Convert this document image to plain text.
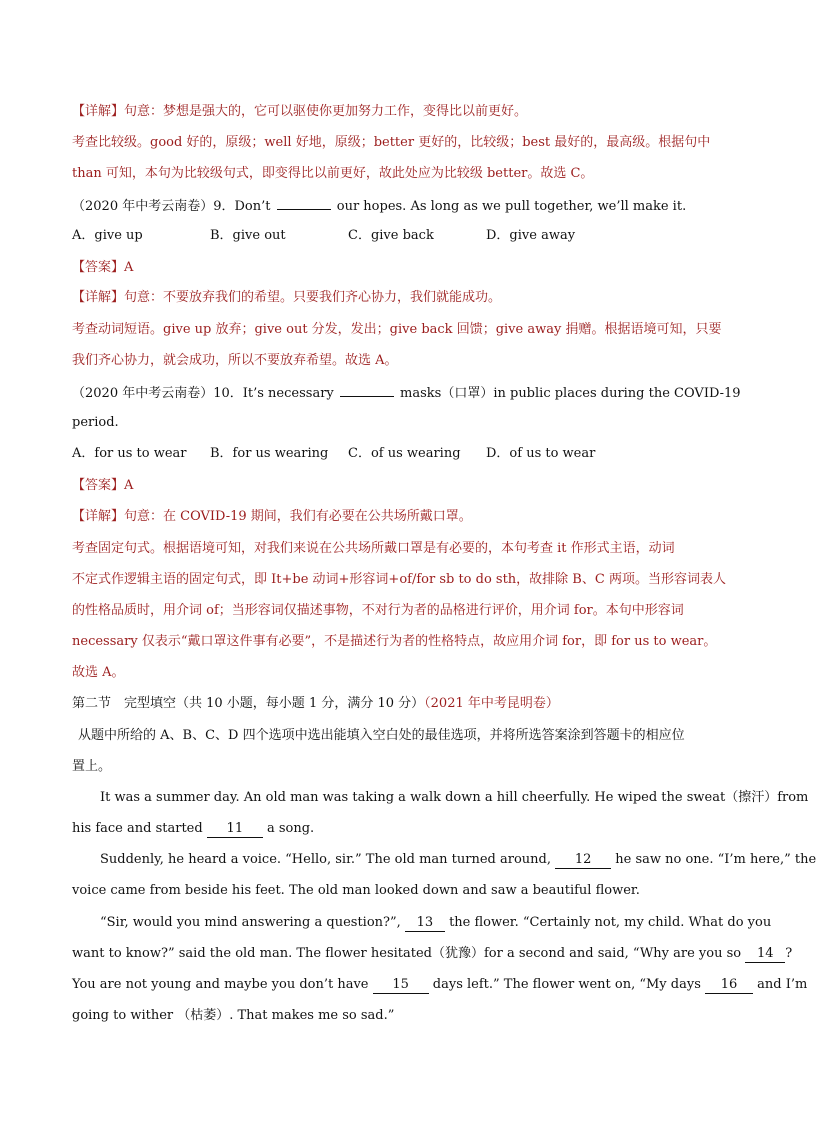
【详解】句意：梦想是强大的，它可以驱使你更加努力工作，变得比以前更好。
考查比较级。good 好的，原级；well 好地，原级；better 更好的，比较级；best 最好的，最高级。根据句中
than 可知，本句为比较级句式，即变得比以前更好，故此处应为比较级 better。故选 C。
（2020 年中考云南卷）9．Don’t	our hopes. As long as we pull together, we’ll make it.
A．give up	B．give out	C．give back	D．give away
【答案】A
【详解】句意：不要放弃我们的希望。只要我们齐心协力，我们就能成功。
考查动词短语。give up 放弃；give out 分发，发出；give back 回馈；give away 捐赠。根据语境可知，只要
我们齐心协力，就会成功，所以不要放弃希望。故选 A。
（2020 年中考云南卷）10．It’s necessary	masks（口罩）in public places during the COVID-19
period.
A．for us to wear B．for us wearing C．of us wearing D．of us to wear
【答案】A
【详解】句意：在 COVID-19 期间，我们有必要在公共场所戴口罩。
考查固定句式。根据语境可知，对我们来说在公共场所戴口罩是有必要的，本句考查 it 作形式主语，动词
不定式作逻辑主语的固定句式，即 It+be 动词+形容词+of/for sb to do sth，故排除 B、C 两项。当形容词表人
的性格品质时，用介词 of；当形容词仅描述事物，不对行为者的品格进行评价，用介词 for。本句中形容词
necessary 仅表示“戴口罩这件事有必要”，不是描述行为者的性格特点，故应用介词 for，即 for us to wear。
故选 A。
第二节　完型填空（共 10 小题，每小题 1 分，满分 10 分）（2021 年中考昆明卷）
从题中所给的 A、B、C、D 四个选项中选出能填入空白处的最佳选项，并将所选答案涂到答题卡的相应位
置上。
It was a summer day. An old man was taking a walk down a hill cheerfully. He wiped the sweat（擦汗）from
his face and started 11 a song.
Suddenly, he heard a voice. “Hello, sir.” The old man turned around, 12 he saw no one. “I’m here,” the
voice came from beside his feet. The old man looked down and saw a beautiful flower.
“Sir, would you mind answering a question?”, 13 the flower. “Certainly not, my child. What do you
want to know?” said the old man. The flower hesitated（犹豫）for a second and said, “Why are you so 14 ?
You are not young and maybe you don’t have 15 days left.” The flower went on, “My days 16 and I’m
going to wither （枯萎）. That makes me so sad.”
